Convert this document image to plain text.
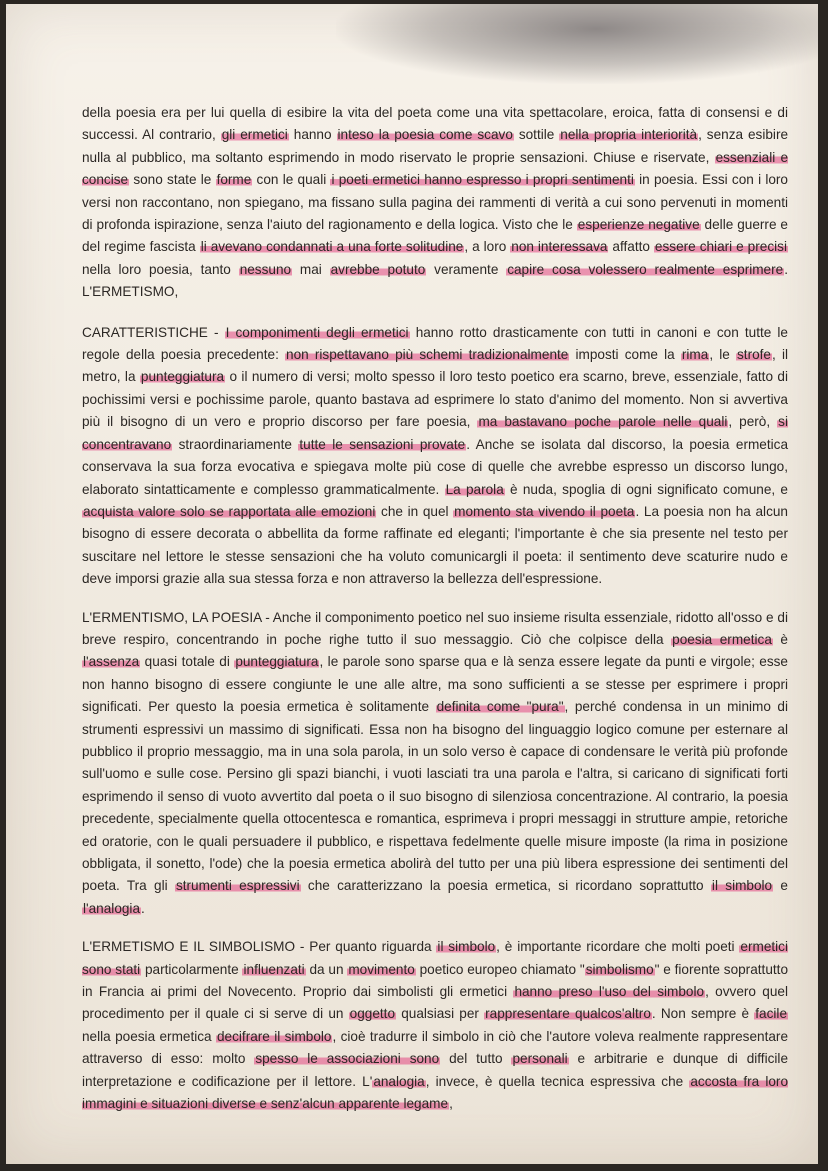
della poesia era per lui quella di esibire la vita del poeta come una vita spettacolare, eroica, fatta di consensi e di successi. Al contrario, gli ermetici hanno inteso la poesia come scavo sottile nella propria interiorità, senza esibire nulla al pubblico, ma soltanto esprimendo in modo riservato le proprie sensazioni. Chiuse e riservate, essenziali e concise sono state le forme con le quali i poeti ermetici hanno espresso i propri sentimenti in poesia. Essi con i loro versi non raccontano, non spiegano, ma fissano sulla pagina dei rammenti di verità a cui sono pervenuti in momenti di profonda ispirazione, senza l'aiuto del ragionamento e della logica. Visto che le esperienze negative delle guerre e del regime fascista li avevano condannati a una forte solitudine, a loro non interessava affatto essere chiari e precisi nella loro poesia, tanto nessuno mai avrebbe potuto veramente capire cosa volessero realmente esprimere. L'ERMETISMO,

CARATTERISTICHE - I componimenti degli ermetici hanno rotto drasticamente con tutti in canoni e con tutte le regole della poesia precedente: non rispettavano più schemi tradizionalmente imposti come la rima, le strofe, il metro, la punteggiatura o il numero di versi; molto spesso il loro testo poetico era scarno, breve, essenziale, fatto di pochissimi versi e pochissime parole, quanto bastava ad esprimere lo stato d'animo del momento. Non si avvertiva più il bisogno di un vero e proprio discorso per fare poesia, ma bastavano poche parole nelle quali, però, si concentravano straordinariamente tutte le sensazioni provate. Anche se isolata dal discorso, la poesia ermetica conservava la sua forza evocativa e spiegava molte più cose di quelle che avrebbe espresso un discorso lungo, elaborato sintatticamente e complesso grammaticalmente. La parola è nuda, spoglia di ogni significato comune, e acquista valore solo se rapportata alle emozioni che in quel momento sta vivendo il poeta. La poesia non ha alcun bisogno di essere decorata o abbellita da forme raffinate ed eleganti; l'importante è che sia presente nel testo per suscitare nel lettore le stesse sensazioni che ha voluto comunicargli il poeta: il sentimento deve scaturire nudo e deve imporsi grazie alla sua stessa forza e non attraverso la bellezza dell'espressione.

L'ERMENTISMO, LA POESIA - Anche il componimento poetico nel suo insieme risulta essenziale, ridotto all'osso e di breve respiro, concentrando in poche righe tutto il suo messaggio. Ciò che colpisce della poesia ermetica è l'assenza quasi totale di punteggiatura, le parole sono sparse qua e là senza essere legate da punti e virgole; esse non hanno bisogno di essere congiunte le une alle altre, ma sono sufficienti a se stesse per esprimere i propri significati. Per questo la poesia ermetica è solitamente definita come "pura", perché condensa in un minimo di strumenti espressivi un massimo di significati. Essa non ha bisogno del linguaggio logico comune per esternare al pubblico il proprio messaggio, ma in una sola parola, in un solo verso è capace di condensare le verità più profonde sull'uomo e sulle cose. Persino gli spazi bianchi, i vuoti lasciati tra una parola e l'altra, si caricano di significati forti esprimendo il senso di vuoto avvertito dal poeta o il suo bisogno di silenziosa concentrazione. Al contrario, la poesia precedente, specialmente quella ottocentesca e romantica, esprimeva i propri messaggi in strutture ampie, retoriche ed oratorie, con le quali persuadere il pubblico, e rispettava fedelmente quelle misure imposte (la rima in posizione obbligata, il sonetto, l'ode) che la poesia ermetica abolirà del tutto per una più libera espressione dei sentimenti del poeta. Tra gli strumenti espressivi che caratterizzano la poesia ermetica, si ricordano soprattutto il simbolo e l'analogia.

L'ERMETISMO E IL SIMBOLISMO - Per quanto riguarda il simbolo, è importante ricordare che molti poeti ermetici sono stati particolarmente influenzati da un movimento poetico europeo chiamato "simbolismo" e fiorente soprattutto in Francia ai primi del Novecento. Proprio dai simbolisti gli ermetici hanno preso l'uso del simbolo, ovvero quel procedimento per il quale ci si serve di un oggetto qualsiasi per rappresentare qualcos'altro. Non sempre è facile nella poesia ermetica decifrare il simbolo, cioè tradurre il simbolo in ciò che l'autore voleva realmente rappresentare attraverso di esso: molto spesso le associazioni sono del tutto personali e arbitrarie e dunque di difficile interpretazione e codificazione per il lettore. L'analogia, invece, è quella tecnica espressiva che accosta fra loro immagini e situazioni diverse e senz'alcun apparente legame,
